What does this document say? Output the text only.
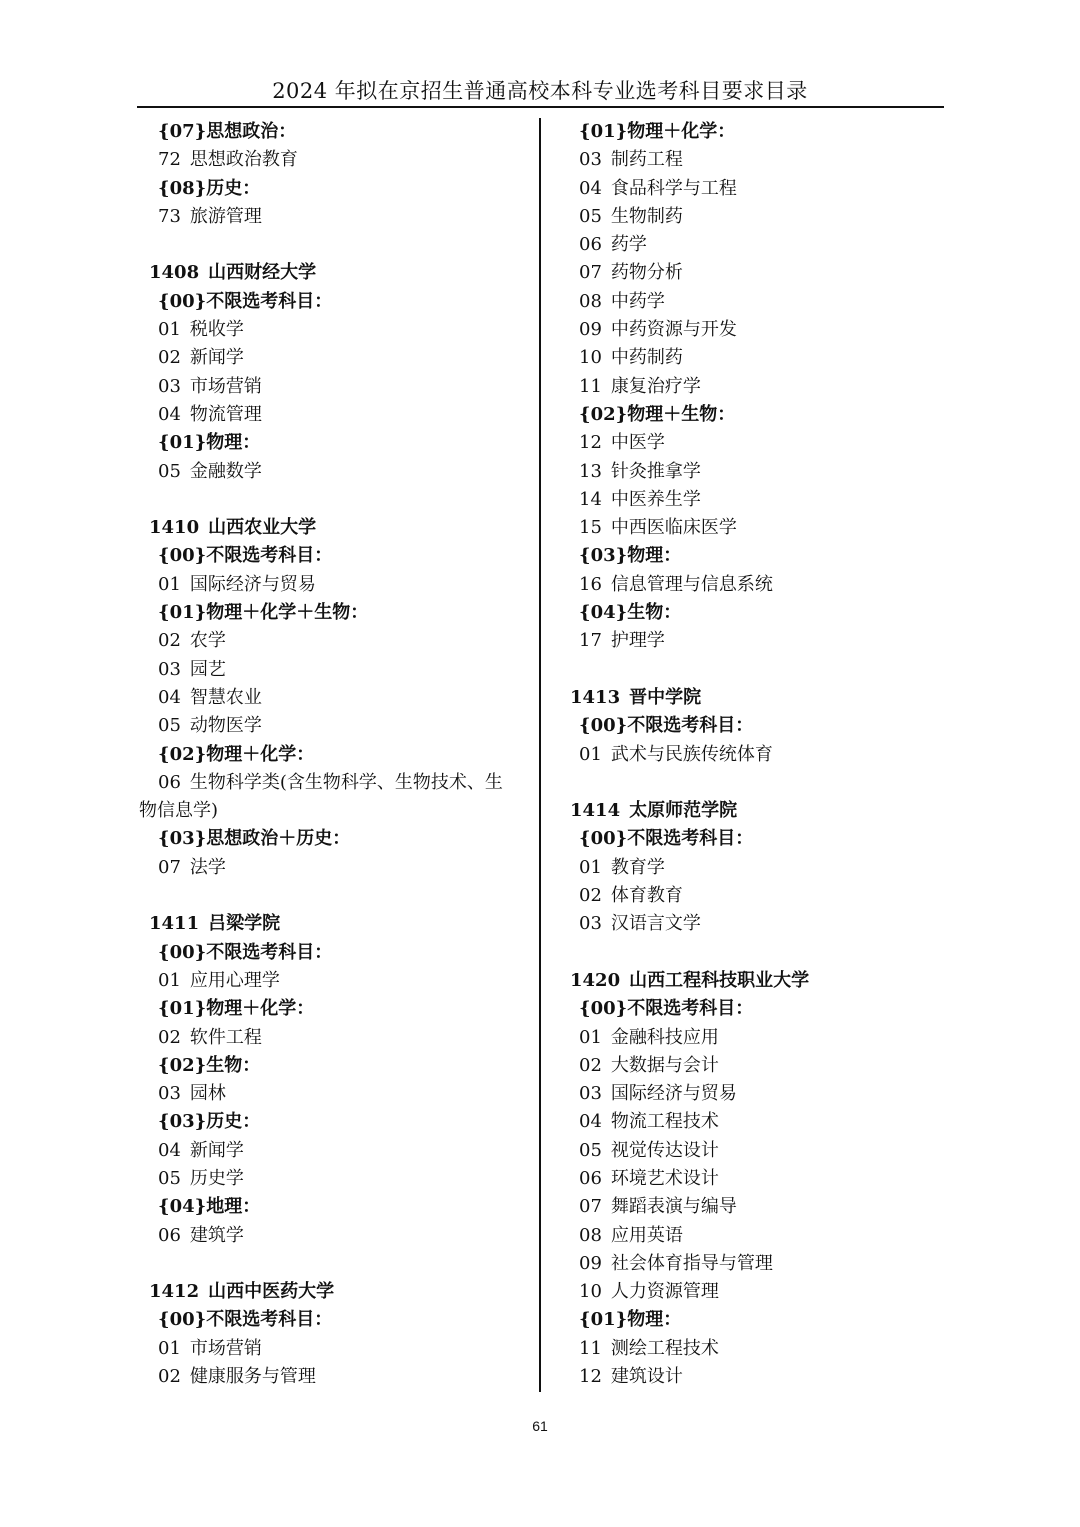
2024 年拟在京招生普通高校本科专业选考科目要求目录
{07}思想政治：
72 思想政治教育
{08}历史：
73 旅游管理
1408 山西财经大学
{00}不限选考科目：
01 税收学
02 新闻学
03 市场营销
04 物流管理
{01}物理：
05 金融数学
1410 山西农业大学
{00}不限选考科目：
01 国际经济与贸易
{01}物理＋化学＋生物：
02 农学
03 园艺
04 智慧农业
05 动物医学
{02}物理＋化学：
06 生物科学类(含生物科学、生物技术、生
物信息学)
{03}思想政治＋历史：
07 法学
1411 吕梁学院
{00}不限选考科目：
01 应用心理学
{01}物理＋化学：
02 软件工程
{02}生物：
03 园林
{03}历史：
04 新闻学
05 历史学
{04}地理：
06 建筑学
1412 山西中医药大学
{00}不限选考科目：
01 市场营销
02 健康服务与管理
{01}物理＋化学：
03 制药工程
04 食品科学与工程
05 生物制药
06 药学
07 药物分析
08 中药学
09 中药资源与开发
10 中药制药
11 康复治疗学
{02}物理＋生物：
12 中医学
13 针灸推拿学
14 中医养生学
15 中西医临床医学
{03}物理：
16 信息管理与信息系统
{04}生物：
17 护理学
1413 晋中学院
{00}不限选考科目：
01 武术与民族传统体育
1414 太原师范学院
{00}不限选考科目：
01 教育学
02 体育教育
03 汉语言文学
1420 山西工程科技职业大学
{00}不限选考科目：
01 金融科技应用
02 大数据与会计
03 国际经济与贸易
04 物流工程技术
05 视觉传达设计
06 环境艺术设计
07 舞蹈表演与编导
08 应用英语
09 社会体育指导与管理
10 人力资源管理
{01}物理：
11 测绘工程技术
12 建筑设计
61
